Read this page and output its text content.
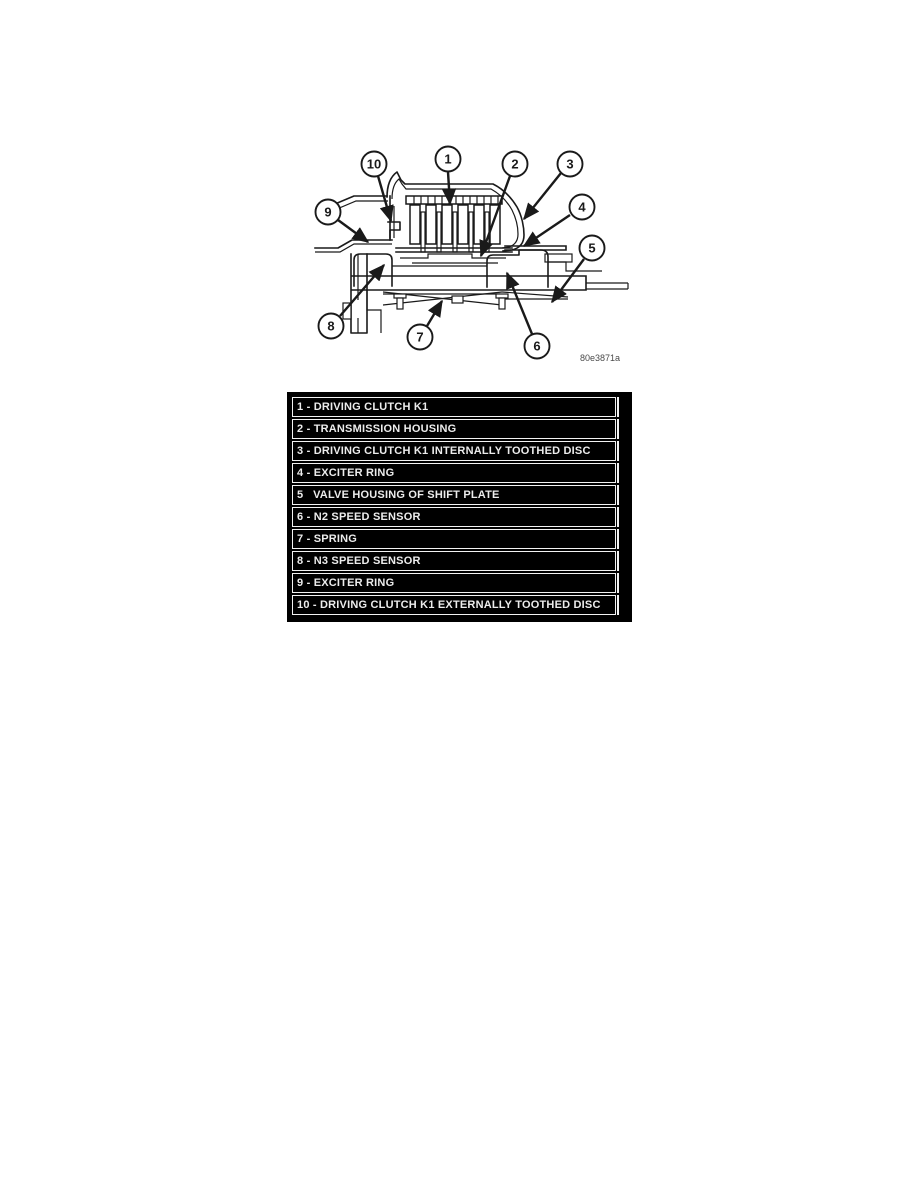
10	1	2	3
9	4
5
8
7
6
80e3871a
1 - DRIVING CLUTCH K1
2 - TRANSMISSION HOUSING
3 - DRIVING CLUTCH K1 INTERNALLY TOOTHED DISC
4 - EXCITER RING
5   VALVE HOUSING OF SHIFT PLATE
6 - N2 SPEED SENSOR
7 - SPRING
8 - N3 SPEED SENSOR
9 - EXCITER RING
10 - DRIVING CLUTCH K1 EXTERNALLY TOOTHED DISC
